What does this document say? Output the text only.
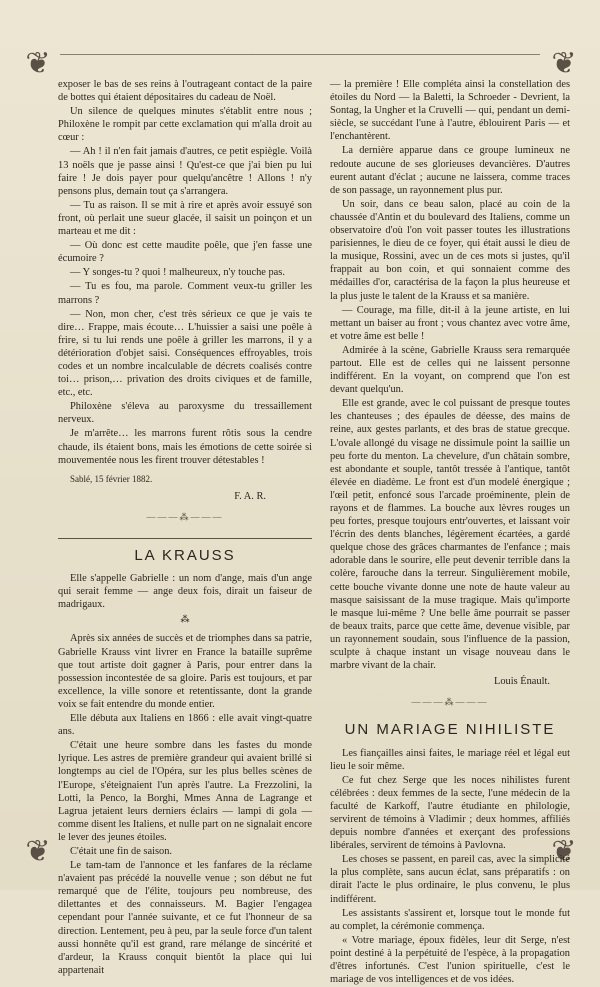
❦	❦
❦	❦

exposer le bas de ses reins à l'outrageant contact de la paire de bottes qui étaient dépositaires du cadeau de Noël.

Un silence de quelques minutes s'établit entre nous ; Philoxène le rompit par cette exclamation qui m'alla droit au cœur :

— Ah ! il n'en fait jamais d'autres, ce petit espiègle. Voilà 13 noëls que je passe ainsi ! Qu'est-ce que j'ai bien pu lui faire ! Je dois payer pour quelqu'ancêtre ! Allons ! n'y pensons plus, demain tout ça s'arrangera.

— Tu as raison. Il se mit à rire et après avoir essuyé son front, où perlait une sueur glacée, il saisit un poinçon et un marteau et me dit :

— Où donc est cette maudite poêle, que j'en fasse une écumoire ?

— Y songes-tu ? quoi ! malheureux, n'y touche pas.

— Tu es fou, ma parole. Comment veux-tu griller les marrons ?

— Non, mon cher, c'est très sérieux ce que je vais te dire… Frappe, mais écoute… L'huissier a saisi une poêle à frire, si tu lui rends une poêle à griller les marrons, il y a détérioration d'objet saisi. Conséquences effroyables, trois codes et un nombre incalculable de décrets coalisés contre toi… prison,… privation des droits civiques et de famille, etc., etc.

Philoxène s'éleva au paroxysme du tressaillement nerveux.

Je m'arrête… les marrons furent rôtis sous la cendre chaude, ils étaient bons, mais les émotions de cette soirée si mouvementée nous les firent trouver détestables !

Sablé, 15 février 1882.

F. A. R.

———⁂———
LA KRAUSS

Elle s'appelle Gabrielle : un nom d'ange, mais d'un ange qui serait femme — ange deux fois, dirait un faiseur de madrigaux.

⁂

Après six années de succès et de triomphes dans sa patrie, Gabrielle Krauss vint livrer en France la bataille suprême que tout artiste doit gagner à Paris, pour entrer dans la possession incontestée de sa gloire. Paris est toujours, et par excellence, la ville sonore et retentissante, dont la grande voix se fait entendre du monde entier.

Elle débuta aux Italiens en 1866 : elle avait vingt-quatre ans.

C'était une heure sombre dans les fastes du monde lyrique. Les astres de première grandeur qui avaient brillé si longtemps au ciel de l'Opéra, sur les plus belles scènes de l'Europe, s'éteignaient l'un après l'autre. La Frezzolini, la Lotti, la Penco, la Borghi, Mmes Anna de Lagrange et Lagrua jetaient leurs derniers éclairs — lampi di gola — comme disent les Italiens, et nulle part on ne signalait encore le lever des jeunes étoiles.

C'était une fin de saison.

Le tam-tam de l'annonce et les fanfares de la réclame n'avaient pas précédé la nouvelle venue ; son début ne fut remarqué que de l'élite, toujours peu nombreuse, des dilettantes et des connaisseurs. M. Bagier l'engagea cependant pour l'année suivante, et ce fut l'honneur de sa direction. Lentement, peu à peu, par la seule force d'un talent aussi honnête qu'il est grand, rare mélange de sincérité et d'ardeur, la Krauss conquit bientôt la place qui lui appartenait

— la première ! Elle compléta ainsi la constellation des étoiles du Nord — la Baletti, la Schroeder - Devrient, la Sontag, la Ungher et la Cruvelli — qui, pendant un demi-siècle, se succédant l'une à l'autre, éblouirent Paris — et l'enchantèrent.

La dernière apparue dans ce groupe lumineux ne redoute aucune de ses glorieuses devancières. D'autres eurent autant d'éclat ; aucune ne laissera, comme traces de son passage, un rayonnement plus pur.

Un soir, dans ce beau salon, placé au coin de la chaussée d'Antin et du boulevard des Italiens, comme un observatoire d'où l'on voit passer toutes les illustrations parisiennes, le dieu de ce foyer, qui était aussi le dieu de la musique, Rossini, avec un de ces mots si justes, qu'il frappait au bon coin, et qui sonnaient comme des médailles d'or, caractérisa de la façon la plus heureuse et la plus juste le talent de la Krauss et sa manière.

— Courage, ma fille, dit-il à la jeune artiste, en lui mettant un baiser au front ; vous chantez avec votre âme, et votre âme est belle !

Admirée à la scène, Gabrielle Krauss sera remarquée partout. Elle est de celles qui ne laissent personne indifférent. En la voyant, on comprend que l'on est devant quelqu'un.

Elle est grande, avec le col puissant de presque toutes les chanteuses ; des épaules de déesse, des mains de reine, aux gestes parlants, et des bras de statue grecque. L'ovale allongé du visage ne dissimule point la saillie un peu forte du menton. La chevelure, d'un châtain sombre, est abondante et souple, tantôt tressée à l'antique, tantôt élevée en diadème. Le front est d'un modelé énergique ; l'œil petit, enfoncé sous l'arcade proéminente, plein de rayons et de flammes. La bouche aux lèvres rouges un peu fortes, presque toujours entr'ouvertes, et laissant voir l'écrin des dents blanches, légèrement écartées, a gardé quelque chose des grâces charmantes de l'enfance ; mais adorable dans le sourire, elle peut devenir terrible dans la colère, farouche dans la terreur. Singulièrement mobile, cette bouche vivante donne une note de haute valeur au masque saisissant de la muse tragique. Mais qu'importe le masque lui-même ? Une belle âme pourrait se passer de beaux traits, parce que cette âme, devenue visible, par un rayonnement soudain, sous l'influence de la passion, sculpte à chaque instant un visage nouveau dans le marbre vivant de la chair.

Louis Énault.

———⁂———
UN MARIAGE NIHILISTE

Les fiançailles ainsi faites, le mariage réel et légal eut lieu le soir même.

Ce fut chez Serge que les noces nihilistes furent célébrées : deux femmes de la secte, l'une médecin de la faculté de Karkoff, l'autre étudiante en philologie, servirent de témoins à Vladimir ; deux hommes, affiliés depuis nombre d'années et exerçant des professions libérales, servirent de témoins à Pavlovna.

Les choses se passent, en pareil cas, avec la simplicité la plus complète, sans aucun éclat, sans préparatifs : on dirait l'acte le plus ordinaire, le plus convenu, le plus indifférent.

Les assistants s'assirent et, lorsque tout le monde fut au complet, la cérémonie commença.

« Votre mariage, époux fidèles, leur dit Serge, n'est point destiné à la perpétuité de l'espèce, à la propagation d'êtres infortunés. C'est l'union spirituelle, c'est le mariage de vos intelligences et de vos idées.
